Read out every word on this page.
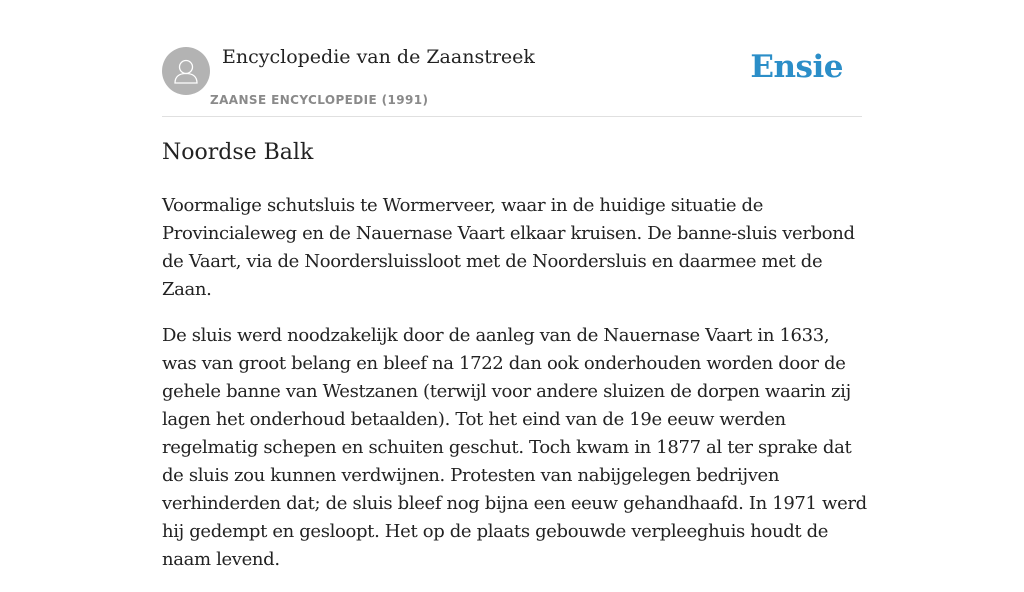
Encyclopedie van de Zaanstreek
ZAANSE ENCYCLOPEDIE (1991)
Ensie
Noordse Balk

Voormalige schutsluis te Wormerveer, waar in de huidige situatie de Provincialeweg en de Nauernase Vaart elkaar kruisen. De banne-sluis verbond de Vaart, via de Noordersluissloot met de Noordersluis en daarmee met de Zaan.

De sluis werd noodzakelijk door de aanleg van de Nauernase Vaart in 1633, was van groot belang en bleef na 1722 dan ook onderhouden worden door de gehele banne van Westzanen (terwijl voor andere sluizen de dorpen waarin zij lagen het onderhoud betaalden). Tot het eind van de 19e eeuw werden regelmatig schepen en schuiten geschut. Toch kwam in 1877 al ter sprake dat de sluis zou kunnen verdwijnen. Protesten van nabijgelegen bedrijven verhinderden dat; de sluis bleef nog bijna een eeuw gehandhaafd. In 1971 werd hij gedempt en gesloopt. Het op de plaats gebouwde verpleeghuis houdt de naam levend.
